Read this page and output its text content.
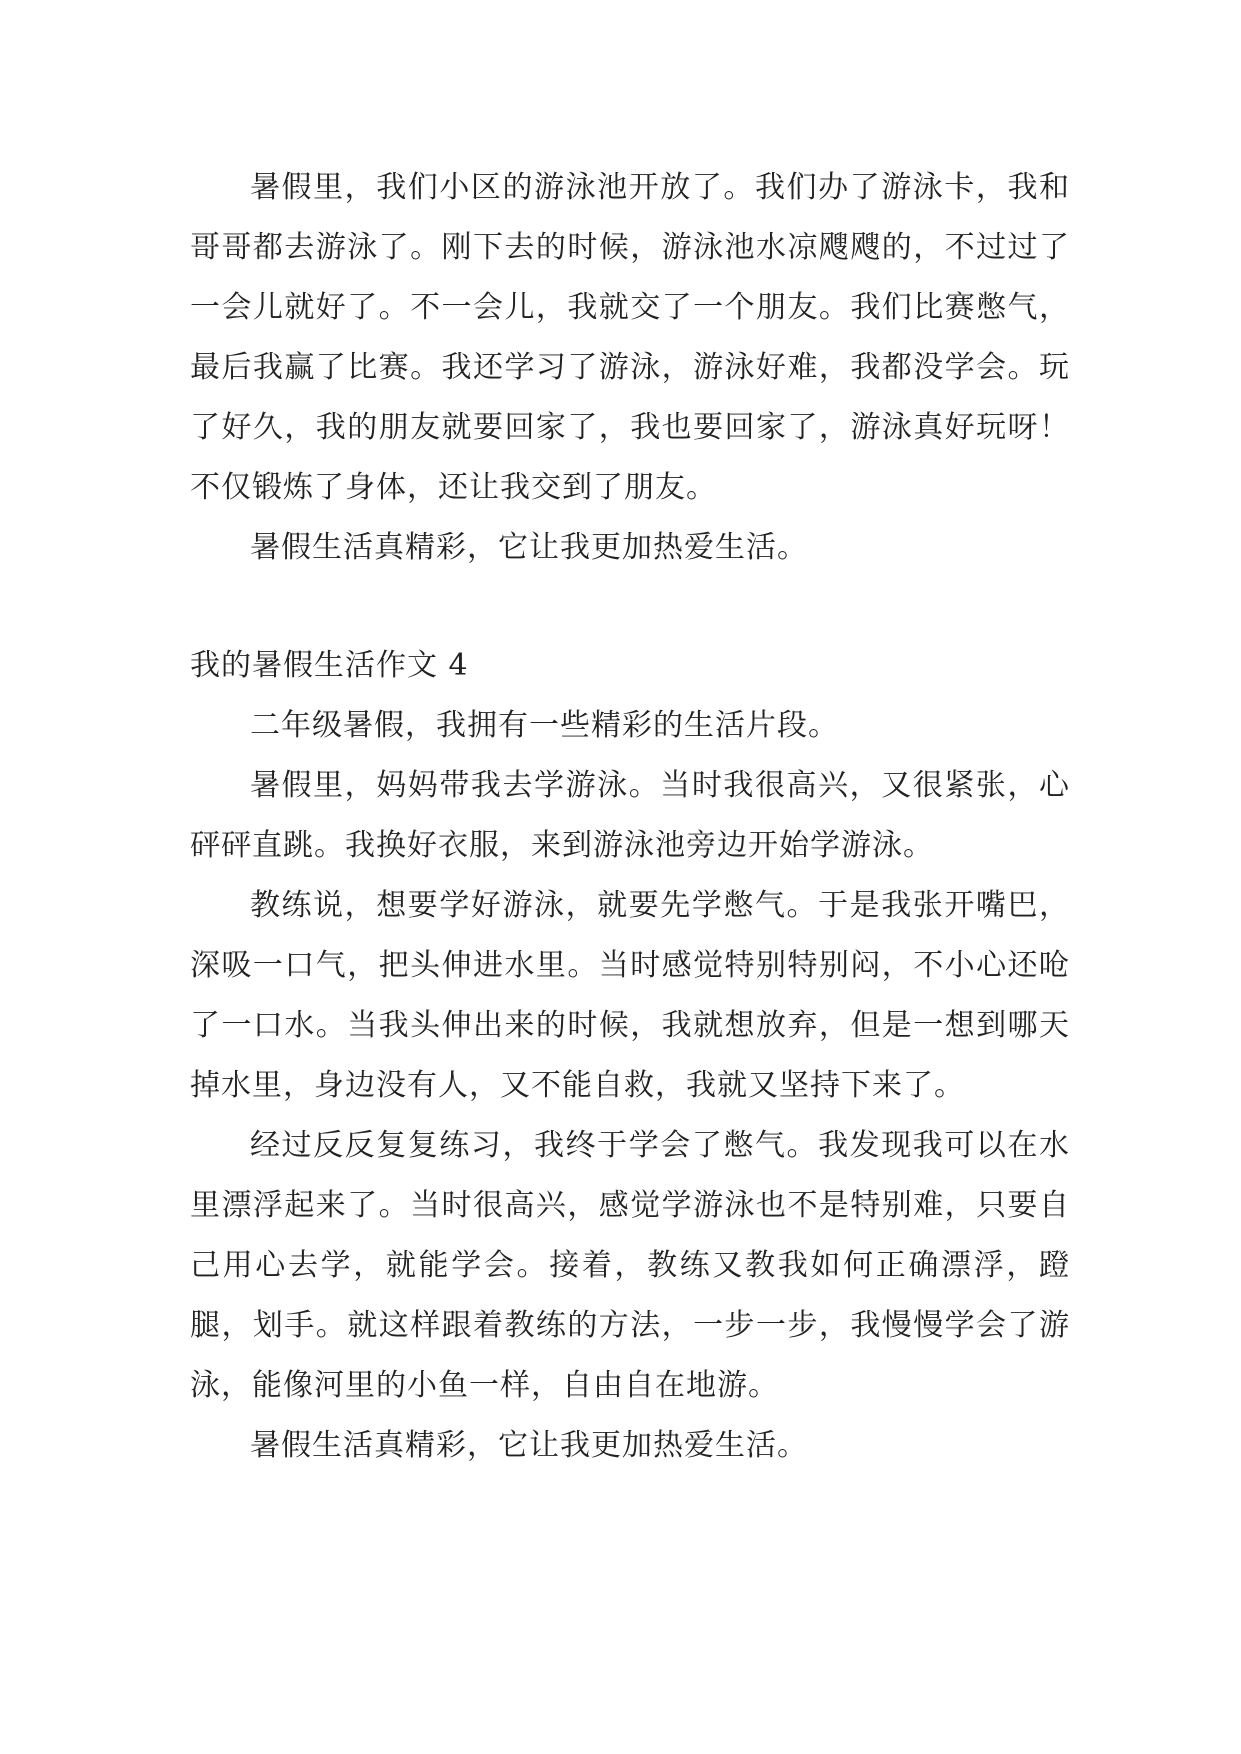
暑假里，我们小区的游泳池开放了。我们办了游泳卡，我和哥哥都去游泳了。刚下去的时候，游泳池水凉飕飕的，不过过了一会儿就好了。不一会儿，我就交了一个朋友。我们比赛憋气，最后我赢了比赛。我还学习了游泳，游泳好难，我都没学会。玩了好久，我的朋友就要回家了，我也要回家了，游泳真好玩呀！不仅锻炼了身体，还让我交到了朋友。

暑假生活真精彩，它让我更加热爱生活。

我的暑假生活作文 4

二年级暑假，我拥有一些精彩的生活片段。

暑假里，妈妈带我去学游泳。当时我很高兴，又很紧张，心砰砰直跳。我换好衣服，来到游泳池旁边开始学游泳。

教练说，想要学好游泳，就要先学憋气。于是我张开嘴巴，深吸一口气，把头伸进水里。当时感觉特别特别闷，不小心还呛了一口水。当我头伸出来的时候，我就想放弃，但是一想到哪天掉水里，身边没有人，又不能自救，我就又坚持下来了。

经过反反复复练习，我终于学会了憋气。我发现我可以在水里漂浮起来了。当时很高兴，感觉学游泳也不是特别难，只要自己用心去学，就能学会。接着，教练又教我如何正确漂浮，蹬腿，划手。就这样跟着教练的方法，一步一步，我慢慢学会了游泳，能像河里的小鱼一样，自由自在地游。

暑假生活真精彩，它让我更加热爱生活。
